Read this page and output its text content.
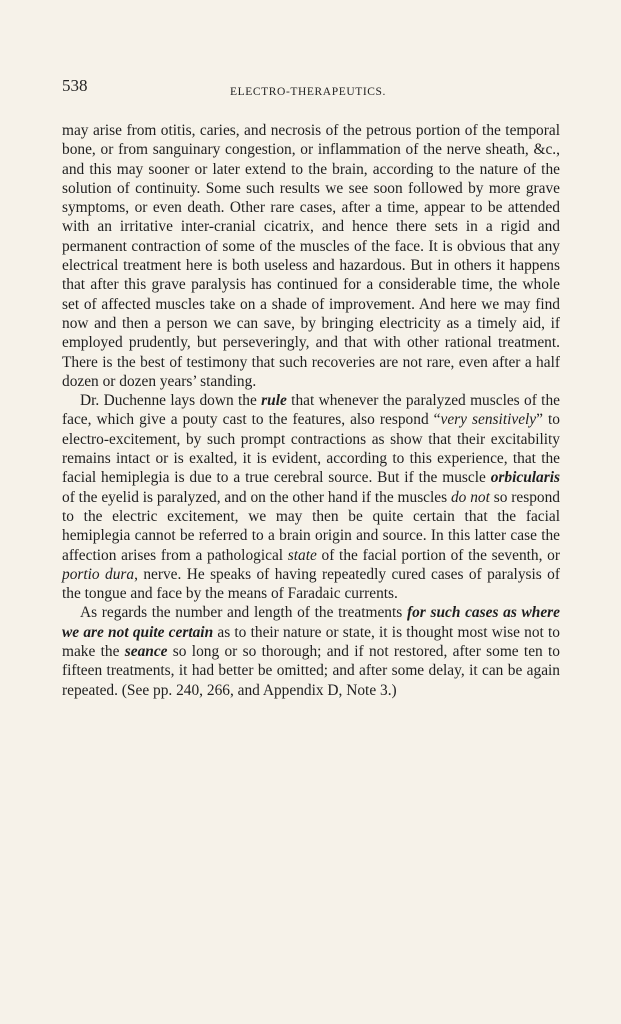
538	ELECTRO-THERAPEUTICS.

may arise from otitis, caries, and necrosis of the petrous portion of the temporal bone, or from sanguinary congestion, or inflammation of the nerve sheath, &c., and this may sooner or later extend to the brain, according to the nature of the solution of continuity. Some such results we see soon followed by more grave symptoms, or even death. Other rare cases, after a time, appear to be attended with an irritative inter-cranial cicatrix, and hence there sets in a rigid and permanent contraction of some of the muscles of the face. It is obvious that any electrical treatment here is both useless and hazardous. But in others it happens that after this grave paralysis has continued for a considerable time, the whole set of affected muscles take on a shade of improvement. And here we may find now and then a person we can save, by bringing electricity as a timely aid, if employed prudently, but perseveringly, and that with other rational treatment. There is the best of testimony that such recoveries are not rare, even after a half dozen or dozen years’ standing.

Dr. Duchenne lays down the rule that whenever the paralyzed muscles of the face, which give a pouty cast to the features, also respond “very sensitively” to electro-excitement, by such prompt contractions as show that their excitability remains intact or is exalted, it is evident, according to this experience, that the facial hemiplegia is due to a true cerebral source. But if the muscle orbicularis of the eyelid is paralyzed, and on the other hand if the muscles do not so respond to the electric excitement, we may then be quite certain that the facial hemiplegia cannot be referred to a brain origin and source. In this latter case the affection arises from a pathological state of the facial portion of the seventh, or portio dura, nerve. He speaks of having repeatedly cured cases of paralysis of the tongue and face by the means of Faradaic currents.

As regards the number and length of the treatments for such cases as where we are not quite certain as to their nature or state, it is thought most wise not to make the seance so long or so thorough; and if not restored, after some ten to fifteen treatments, it had better be omitted; and after some delay, it can be again repeated. (See pp. 240, 266, and Appendix D, Note 3.)
